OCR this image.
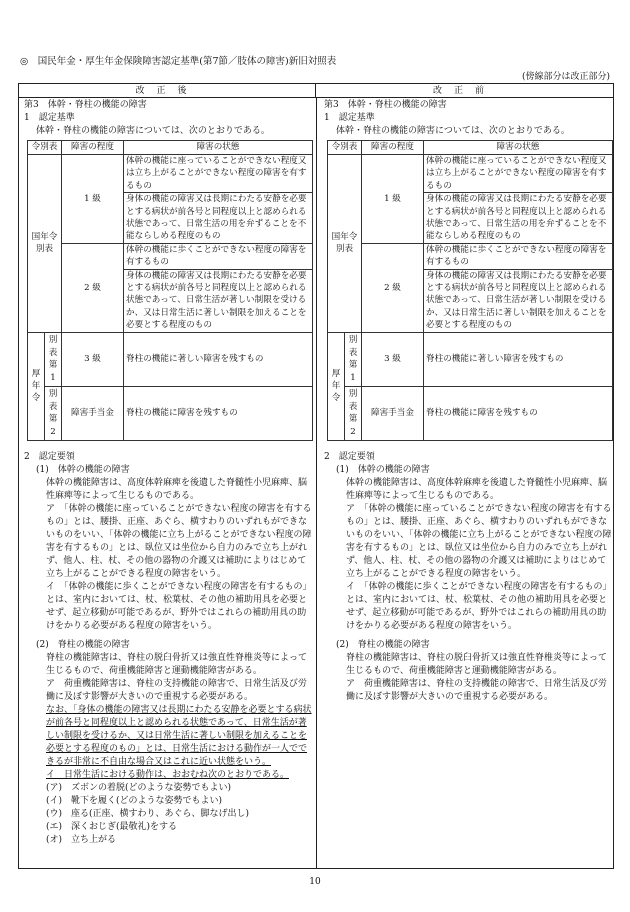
◎　国民年金・厚生年金保険障害認定基準(第7節／肢体の障害)新旧対照表
(傍線部分は改正部分)
改正後	改正前

第3　体幹・脊柱の機能の障害

1　認定基準

体幹・脊柱の機能の障害については、次のとおりである。

令別表		障害の程度	障害の状態
国年令別表		1 級	体幹の機能に座っていることができない程度又は立ち上がることができない程度の障害を有するもの
			身体の機能の障害又は長期にわたる安静を必要とする病状が前各号と同程度以上と認められる状態であって、日常生活の用を弁ずることを不能ならしめる程度のもの
		2 級	体幹の機能に歩くことができない程度の障害を有するもの
			身体の機能の障害又は長期にわたる安静を必要とする病状が前各号と同程度以上と認められる状態であって、日常生活が著しい制限を受けるか、又は日常生活に著しい制限を加えることを必要とする程度のもの
厚年令	別表第1	3 級	脊柱の機能に著しい障害を残すもの
	別表第2	障害手当金	脊柱の機能に障害を残すもの

2　認定要領

(1)　体幹の機能の障害

体幹の機能障害は、高度体幹麻痺を後遺した脊髄性小児麻痺、脳性麻痺等によって生じるものである。

ア　「体幹の機能に座っていることができない程度の障害を有するもの」とは、腰掛、正座、あぐら、横すわりのいずれもができないものをいい、「体幹の機能に立ち上がることができない程度の障害を有するもの」とは、臥位又は坐位から自力のみで立ち上がれず、他人、柱、杖、その他の器物の介護又は補助によりはじめて立ち上がることができる程度の障害をいう。

イ　「体幹の機能に歩くことができない程度の障害を有するもの」とは、室内においては、杖、松葉杖、その他の補助用具を必要とせず、起立移動が可能であるが、野外ではこれらの補助用具の助けをかりる必要がある程度の障害をいう。

(2)　脊柱の機能の障害

脊柱の機能障害は、脊柱の脱臼骨折又は強直性脊椎炎等によって生じるもので、荷重機能障害と運動機能障害がある。

ア　荷重機能障害は、脊柱の支持機能の障害で、日常生活及び労働に及ぼす影響が大きいので重視する必要がある。

なお、「身体の機能の障害又は長期にわたる安静を必要とする病状が前各号と同程度以上と認められる状態であって、日常生活が著しい制限を受けるか、又は日常生活に著しい制限を加えることを必要とする程度のもの」とは、日常生活における動作が一人でできるが非常に不自由な場合又はこれに近い状態をいう。

イ　日常生活における動作は、おおむね次のとおりである。

(ア)　ズボンの着脱(どのような姿勢でもよい)

(イ)　靴下を履く(どのような姿勢でもよい)

(ウ)　座る(正座、横すわり、あぐら、脚なげ出し)

(エ)　深くおじぎ(最敬礼)をする

(オ)　立ち上がる

第3　体幹・脊柱の機能の障害

1　認定基準

体幹・脊柱の機能の障害については、次のとおりである。

令別表		障害の程度	障害の状態
国年令別表		1 級	体幹の機能に座っていることができない程度又は立ち上がることができない程度の障害を有するもの
			身体の機能の障害又は長期にわたる安静を必要とする病状が前各号と同程度以上と認められる状態であって、日常生活の用を弁ずることを不能ならしめる程度のもの
		2 級	体幹の機能に歩くことができない程度の障害を有するもの
			身体の機能の障害又は長期にわたる安静を必要とする病状が前各号と同程度以上と認められる状態であって、日常生活が著しい制限を受けるか、又は日常生活に著しい制限を加えることを必要とする程度のもの
厚年令	別表第1	3 級	脊柱の機能に著しい障害を残すもの
	別表第2	障害手当金	脊柱の機能に障害を残すもの

2　認定要領

(1)　体幹の機能の障害

体幹の機能障害は、高度体幹麻痺を後遺した脊髄性小児麻痺、脳性麻痺等によって生じるものである。

ア　「体幹の機能に座っていることができない程度の障害を有するもの」とは、腰掛、正座、あぐら、横すわりのいずれもができないものをいい、「体幹の機能に立ち上がることができない程度の障害を有するもの」とは、臥位又は坐位から自力のみで立ち上がれず、他人、柱、杖、その他の器物の介護又は補助によりはじめて立ち上がることができる程度の障害をいう。

イ　「体幹の機能に歩くことができない程度の障害を有するもの」とは、室内においては、杖、松葉杖、その他の補助用具を必要とせず、起立移動が可能であるが、野外ではこれらの補助用具の助けをかりる必要がある程度の障害をいう。

(2)　脊柱の機能の障害

脊柱の機能障害は、脊柱の脱臼骨折又は強直性脊椎炎等によって生じるもので、荷重機能障害と運動機能障害がある。

ア　荷重機能障害は、脊柱の支持機能の障害で、日常生活及び労働に及ぼす影響が大きいので重視する必要がある。

10
